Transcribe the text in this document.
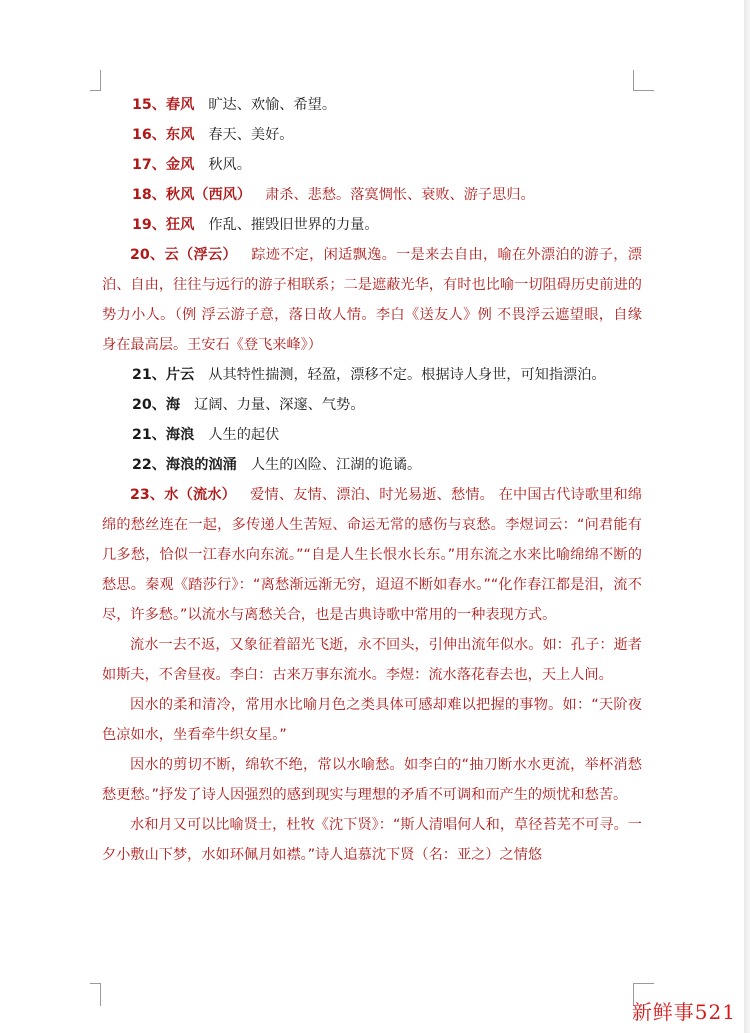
15、春风 旷达、欢愉、希望。

16、东风 春天、美好。

17、金风 秋风。

18、秋风（西风） 肃杀、悲愁。落寞惆怅、衰败、游子思归。

19、狂风 作乱、摧毁旧世界的力量。

20、云（浮云） 踪迹不定，闲适飘逸。一是来去自由，喻在外漂泊的游子，漂泊、自由，往往与远行的游子相联系；二是遮蔽光华，有时也比喻一切阻碍历史前进的势力小人。（例 浮云游子意，落日故人情。李白《送友人》例 不畏浮云遮望眼，自缘身在最高层。王安石《登飞来峰》）

21、片云 从其特性揣测，轻盈，漂移不定。根据诗人身世，可知指漂泊。

20、海 辽阔、力量、深邃、气势。

21、海浪 人生的起伏

22、海浪的汹涌 人生的凶险、江湖的诡谲。

23、水（流水） 爱情、友情、漂泊、时光易逝、愁情。 在中国古代诗歌里和绵绵的愁丝连在一起，多传递人生苦短、命运无常的感伤与哀愁。李煜词云：“问君能有几多愁，恰似一江春水向东流。”“自是人生长恨水长东。”用东流之水来比喻绵绵不断的愁思。秦观《踏莎行》：“离愁渐远渐无穷，迢迢不断如春水。”“化作春江都是泪，流不尽，许多愁。”以流水与离愁关合，也是古典诗歌中常用的一种表现方式。

流水一去不返，又象征着韶光飞逝，永不回头，引伸出流年似水。如：孔子：逝者如斯夫，不舍昼夜。李白：古来万事东流水。李煜：流水落花春去也，天上人间。

因水的柔和清冷，常用水比喻月色之类具体可感却难以把握的事物。如：“天阶夜色凉如水，坐看牵牛织女星。”

因水的剪切不断，绵软不绝，常以水喻愁。如李白的“抽刀断水水更流，举杯消愁愁更愁。”抒发了诗人因强烈的感到现实与理想的矛盾不可调和而产生的烦忧和愁苦。

水和月又可以比喻贤士，杜牧《沈下贤》：“斯人清唱何人和，草径苔芜不可寻。一夕小敷山下梦，水如环佩月如襟。”诗人追慕沈下贤（名：亚之）之情悠

新鲜事521
